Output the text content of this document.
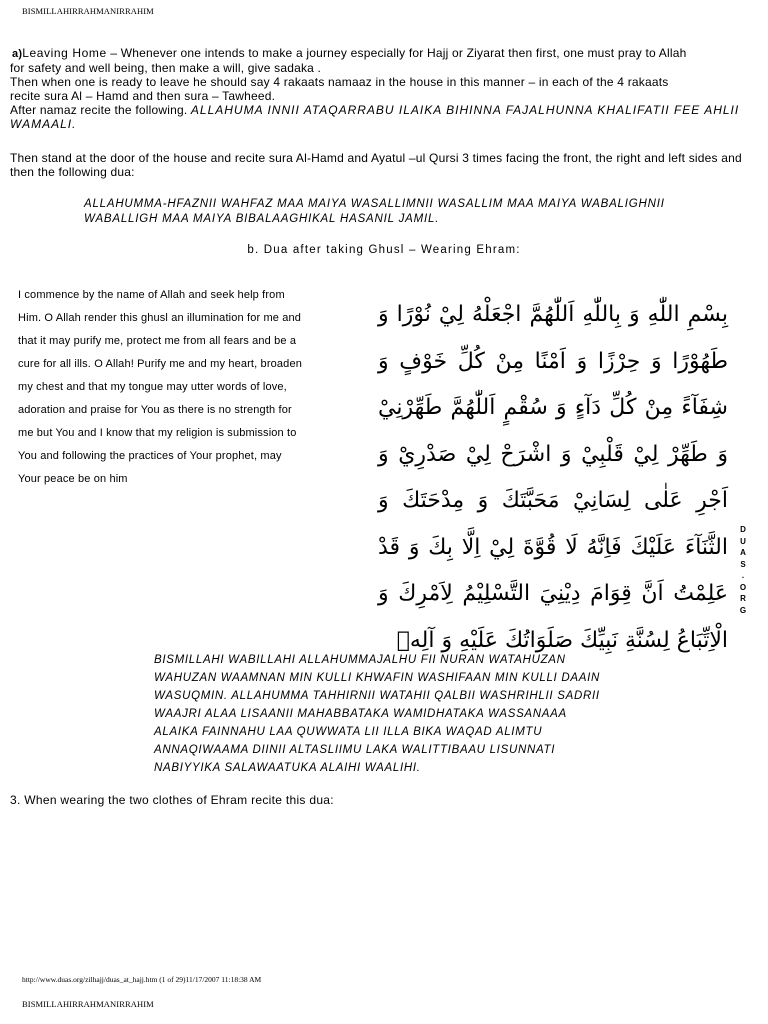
BISMILLAHIRRAHMANIRRAHIM
a)Leaving Home – Whenever one intends to make a journey especially for Hajj or Ziyarat then first, one must pray to Allah
for safety and well being, then make a will, give sadaka .
Then when one is ready to leave he should say 4 rakaats namaaz in the house in this manner – in each of the 4 rakaats
recite sura Al – Hamd and then sura – Tawheed.
After namaz recite the following. ALLAHUMA INNII ATAQARRABU ILAIKA BIHINNA FAJALHUNNA KHALIFATII FEE AHLII WAMAALI.
Then stand at the door of the house and recite sura Al-Hamd and Ayatul –ul Qursi 3 times facing the front, the right and left sides and then the following dua:
ALLAHUMMA-HFAZNII WAHFAZ MAA MAIYA WASALLIMNII WASALLIM MAA MAIYA WABALIGHNII WABALLIGH MAA MAIYA BIBALAAGHIKAL HASANIL JAMIL.
b. Dua after taking Ghusl – Wearing Ehram:
I commence by the name of Allah and seek help from
Him. O Allah render this ghusl an illumination for me and
that it may purify me, protect me from all fears and be a
cure for all ills. O Allah! Purify me and my heart, broaden
my chest and that my tongue may utter words of love,
adoration and praise for You as there is no strength for
me but You and I know that my religion is submission to
You and following the practices of Your prophet, may
Your peace be on him
بِسْمِ اللّٰهِ وَ بِاللّٰهِ اَللّٰهُمَّ اجْعَلْهُ لِيْ نُوْرًا وَ طَهُوْرًا وَ حِرْزًا وَ اَمْنًا مِنْ كُلِّ خَوْفٍ وَ شِفَآءً مِنْ كُلِّ دَآءٍ وَ سُقْمٍ اَللّٰهُمَّ طَهِّرْنِيْ وَ طَهِّرْ لِيْ قَلْبِيْ وَ اشْرَحْ لِيْ صَدْرِيْ وَ اَجْرِ عَلٰى لِسَانِيْ مَحَبَّتَكَ وَ مِدْحَتَكَ وَ الثَّنَآءَ عَلَيْكَ فَاِنَّهُ لَا قُوَّةَ لِيْ اِلَّا بِكَ وَ قَدْ عَلِمْتُ اَنَّ قِوَامَ دِيْنِيَ التَّسْلِيْمُ لِاَمْرِكَ وَ الْاِتِّبَاعُ لِسُنَّةِ نَبِيِّكَ صَلَوَاتُكَ عَلَيْهِ وَ آلِهٖ
D
U
A
S
.
O
R
G
BISMILLAHI WABILLAHI ALLAHUMMAJALHU FII NURAN WATAHUZAN
WAHUZAN WAAMNAN MIN KULLI KHWAFIN WASHIFAAN MIN KULLI DAAIN
WASUQMIN. ALLAHUMMA TAHHIRNII WATAHII QALBII WASHRIHLII SADRII
WAAJRI ALAA LISAANII MAHABBATAKA WAMIDHATAKA WASSANAAA
ALAIKA FAINNAHU LAA QUWWATA LII ILLA BIKA WAQAD ALIMTU
ANNAQIWAAMA DIINII ALTASLIIMU LAKA WALITTIBAAU LISUNNATI
NABIYYIKA SALAWAATUKA ALAIHI WAALIHI.
3. When wearing the two clothes of Ehram recite this dua:
http://www.duas.org/zilhajj/duas_at_hajj.htm (1 of 29)11/17/2007 11:18:38 AM
BISMILLAHIRRAHMANIRRAHIM
